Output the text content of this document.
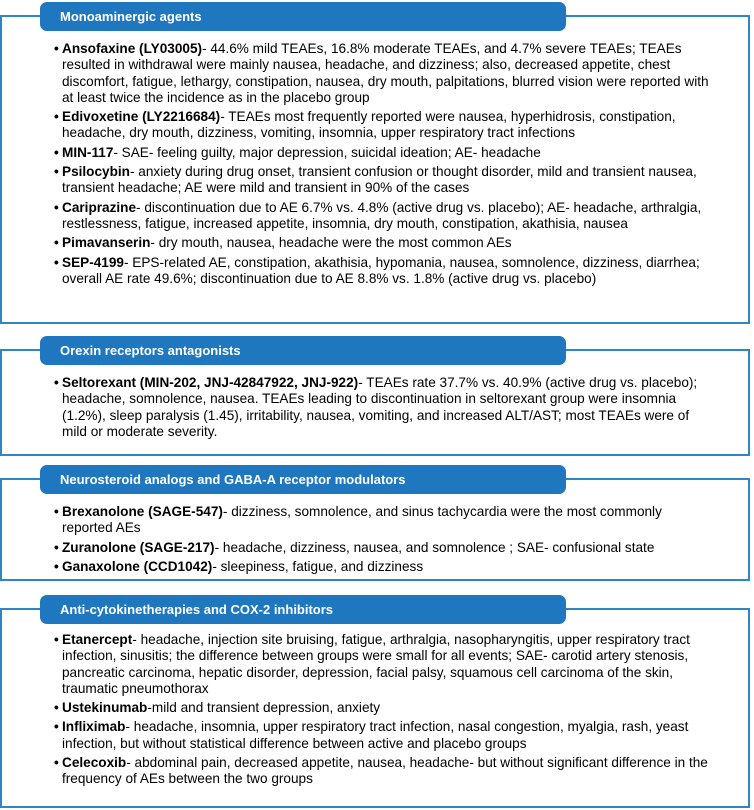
Monoaminergic agents
• Ansofaxine (LY03005)- 44.6% mild TEAEs, 16.8% moderate TEAEs, and 4.7% severe TEAEs; TEAEs resulted in withdrawal were mainly nausea, headache, and dizziness; also, decreased appetite, chest discomfort, fatigue, lethargy, constipation, nausea, dry mouth, palpitations, blurred vision were reported with at least twice the incidence as in the placebo group
• Edivoxetine (LY2216684)- TEAEs most frequently reported were nausea, hyperhidrosis, constipation, headache, dry mouth, dizziness, vomiting, insomnia, upper respiratory tract infections
• MIN-117- SAE- feeling guilty, major depression, suicidal ideation; AE- headache
• Psilocybin- anxiety during drug onset, transient confusion or thought disorder, mild and transient nausea, transient headache; AE were mild and transient in 90% of the cases
• Cariprazine- discontinuation due to AE 6.7% vs. 4.8% (active drug vs. placebo); AE- headache, arthralgia, restlessness, fatigue, increased appetite, insomnia, dry mouth, constipation, akathisia, nausea
• Pimavanserin- dry mouth, nausea, headache were the most common AEs
• SEP-4199- EPS-related AE, constipation, akathisia, hypomania, nausea, somnolence, dizziness, diarrhea; overall AE rate 49.6%; discontinuation due to AE 8.8% vs. 1.8% (active drug vs. placebo)
Orexin receptors antagonists
• Seltorexant (MIN-202, JNJ-42847922, JNJ-922)- TEAEs rate 37.7% vs. 40.9% (active drug vs. placebo); headache, somnolence, nausea. TEAEs leading to discontinuation in seltorexant group were insomnia (1.2%), sleep paralysis (1.45), irritability, nausea, vomiting, and increased ALT/AST; most TEAEs were of mild or moderate severity.
Neurosteroid analogs and GABA-A receptor modulators
• Brexanolone (SAGE-547)- dizziness, somnolence, and sinus tachycardia were the most commonly reported AEs
• Zuranolone (SAGE-217)- headache, dizziness, nausea, and somnolence ; SAE- confusional state
• Ganaxolone (CCD1042)- sleepiness, fatigue, and dizziness
Anti-cytokinetherapies and COX-2 inhibitors
• Etanercept- headache, injection site bruising, fatigue, arthralgia, nasopharyngitis, upper respiratory tract infection, sinusitis; the difference between groups were small for all events; SAE- carotid artery stenosis, pancreatic carcinoma, hepatic disorder, depression, facial palsy, squamous cell carcinoma of the skin, traumatic pneumothorax
• Ustekinumab-mild and transient depression, anxiety
• Infliximab- headache, insomnia, upper respiratory tract infection, nasal congestion, myalgia, rash, yeast infection, but without statistical difference between active and placebo groups
• Celecoxib- abdominal pain, decreased appetite, nausea, headache- but without significant difference in the frequency of AEs between the two groups
